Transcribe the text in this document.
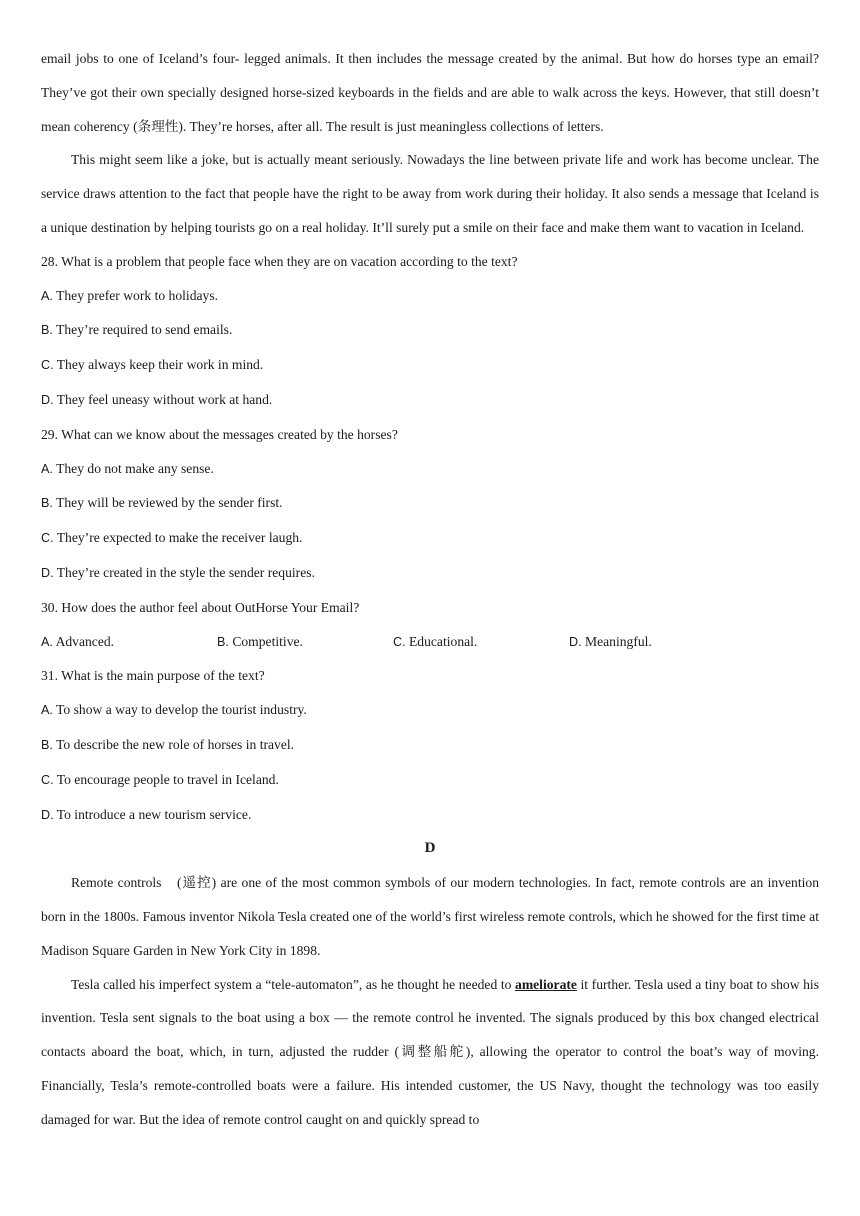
email jobs to one of Iceland’s four- legged animals. It then includes the message created by the animal. But how do horses type an email? They’ve got their own specially designed horse-sized keyboards in the fields and are able to walk across the keys. However, that still doesn’t mean coherency (条理性). They’re horses, after all. The result is just meaningless collections of letters.

This might seem like a joke, but is actually meant seriously. Nowadays the line between private life and work has become unclear. The service draws attention to the fact that people have the right to be away from work during their holiday. It also sends a message that Iceland is a unique destination by helping tourists go on a real holiday. It’ll surely put a smile on their face and make them want to vacation in Iceland.

28. What is a problem that people face when they are on vacation according to the text?

A. They prefer work to holidays.

B. They’re required to send emails.

C. They always keep their work in mind.

D. They feel uneasy without work at hand.

29. What can we know about the messages created by the horses?

A. They do not make any sense.

B. They will be reviewed by the sender first.

C. They’re expected to make the receiver laugh.

D. They’re created in the style the sender requires.

30. How does the author feel about OutHorse Your Email?

A. Advanced.	B. Competitive.	C. Educational.	D. Meaningful.

31. What is the main purpose of the text?

A. To show a way to develop the tourist industry.

B. To describe the new role of horses in travel.

C. To encourage people to travel in Iceland.

D. To introduce a new tourism service.

D

Remote controls　(遥控) are one of the most common symbols of our modern technologies. In fact, remote controls are an invention born in the 1800s. Famous inventor Nikola Tesla created one of the world’s first wireless remote controls, which he showed for the first time at Madison Square Garden in New York City in 1898.

Tesla called his imperfect system a “tele-automaton”, as he thought he needed to ameliorate it further. Tesla used a tiny boat to show his invention. Tesla sent signals to the boat using a box — the remote control he invented. The signals produced by this box changed electrical contacts aboard the boat, which, in turn, adjusted the rudder (调整船舵), allowing the operator to control the boat’s way of moving. Financially, Tesla’s remote-controlled boats were a failure. His intended customer, the US Navy, thought the technology was too easily damaged for war. But the idea of remote control caught on and quickly spread to
